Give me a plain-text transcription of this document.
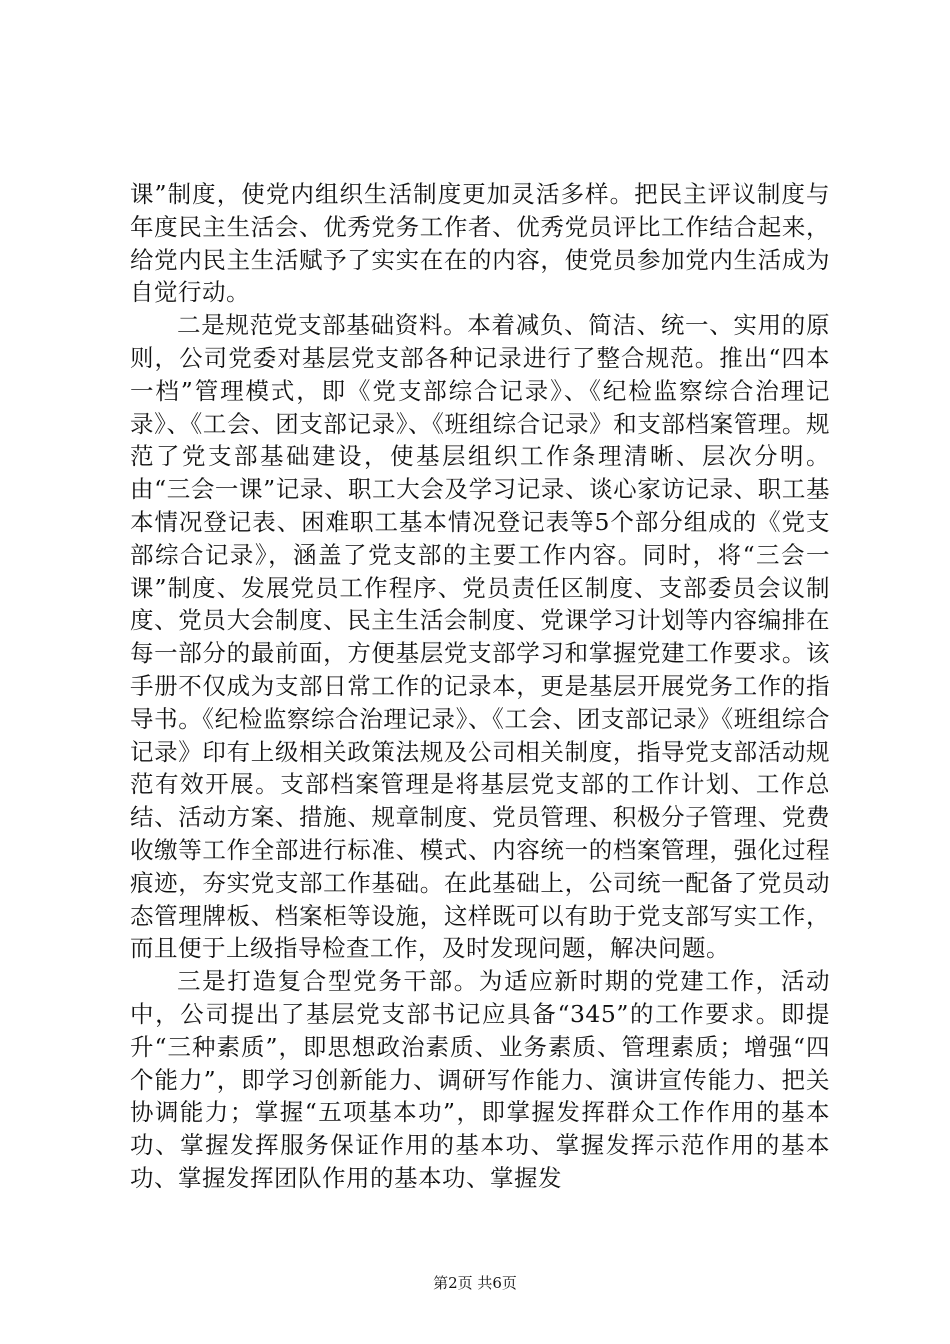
课”制度，使党内组织生活制度更加灵活多样。把民主评议制度与年度民主生活会、优秀党务工作者、优秀党员评比工作结合起来，给党内民主生活赋予了实实在在的内容，使党员参加党内生活成为自觉行动。

二是规范党支部基础资料。本着减负、简洁、统一、实用的原则，公司党委对基层党支部各种记录进行了整合规范。推出“四本一档”管理模式，即《党支部综合记录》、《纪检监察综合治理记录》、《工会、团支部记录》、《班组综合记录》和支部档案管理。规范了党支部基础建设，使基层组织工作条理清晰、层次分明。由“三会一课”记录、职工大会及学习记录、谈心家访记录、职工基本情况登记表、困难职工基本情况登记表等5个部分组成的《党支部综合记录》，涵盖了党支部的主要工作内容。同时，将“三会一课”制度、发展党员工作程序、党员责任区制度、支部委员会议制度、党员大会制度、民主生活会制度、党课学习计划等内容编排在每一部分的最前面，方便基层党支部学习和掌握党建工作要求。该手册不仅成为支部日常工作的记录本，更是基层开展党务工作的指导书。《纪检监察综合治理记录》、《工会、团支部记录》《班组综合记录》印有上级相关政策法规及公司相关制度，指导党支部活动规范有效开展。支部档案管理是将基层党支部的工作计划、工作总结、活动方案、措施、规章制度、党员管理、积极分子管理、党费收缴等工作全部进行标准、模式、内容统一的档案管理，强化过程痕迹，夯实党支部工作基础。在此基础上，公司统一配备了党员动态管理牌板、档案柜等设施，这样既可以有助于党支部写实工作，而且便于上级指导检查工作，及时发现问题，解决问题。

三是打造复合型党务干部。为适应新时期的党建工作，活动中，公司提出了基层党支部书记应具备“345”的工作要求。即提升“三种素质”，即思想政治素质、业务素质、管理素质；增强“四个能力”，即学习创新能力、调研写作能力、演讲宣传能力、把关协调能力；掌握“五项基本功”，即掌握发挥群众工作作用的基本功、掌握发挥服务保证作用的基本功、掌握发挥示范作用的基本功、掌握发挥团队作用的基本功、掌握发

第2页 共6页
